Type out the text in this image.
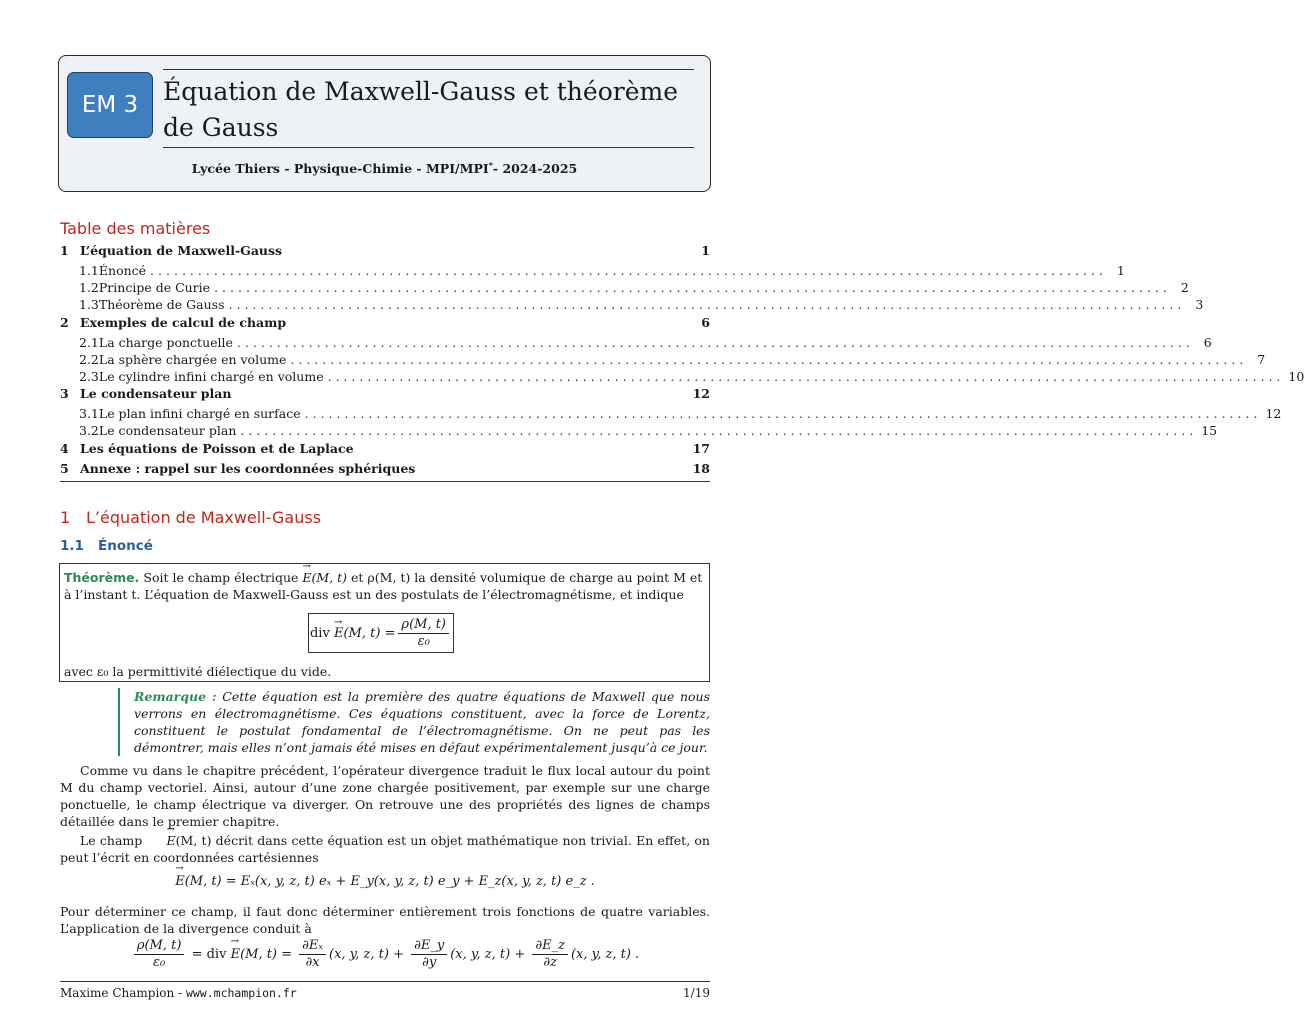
EM 3 Équation de Maxwell-Gauss et théorème de Gauss
Lycée Thiers - Physique-Chimie - MPI/MPI*- 2024-2025
Table des matières
1 L’équation de Maxwell-Gauss	1
1.1 Énoncé ........................................................................................................................ 1
1.2 Principe de Curie ........................................................................................................................ 2
1.3 Théorème de Gauss ........................................................................................................................ 3
2 Exemples de calcul de champ	6
2.1 La charge ponctuelle ........................................................................................................................ 6
2.2 La sphère chargée en volume ........................................................................................................................ 7
2.3 Le cylindre infini chargé en volume ........................................................................................................................ 10
3 Le condensateur plan	12
3.1 Le plan infini chargé en surface ........................................................................................................................ 12
3.2 Le condensateur plan ........................................................................................................................ 15
4 Les équations de Poisson et de Laplace	17
5 Annexe : rappel sur les coordonnées sphériques	18
1 L’équation de Maxwell-Gauss
1.1 Énoncé
Théorème. Soit le champ électrique E →(M, t) et ρ(M, t) la densité volumique de charge au point M et à l’instant t. L’équation de Maxwell-Gauss est un des postulats de l’électromagnétisme, et indique
div
E → (M, $t) = \frac{\rho(M, t)}{\text{ε₀}}$
avec ε₀ la permittivité diélectique du vide.
Remarque : Cette équation est la première des quatre équations de Maxwell que nous verrons en électromagnétisme. Ces équations constituent, avec la force de Lorentz, constituent le postulat fondamental de l’électromagnétisme. On ne peut pas les démontrer, mais elles n’ont jamais été mises en défaut expérimentalement jusqu’à ce jour.
Comme vu dans le chapitre précédent, l’opérateur divergence traduit le flux local autour du point M du champ vectoriel. Ainsi, autour d’une zone chargée positivement, par exemple sur une charge ponctuelle, le champ électrique va diverger. On retrouve une des propriétés des lignes de champs détaillée dans le premier chapitre.
Le champ E →(M, t) décrit dans cette équation est un objet mathématique non trivial. En effet, on peut l’écrit en coordonnées cartésiennes
E →(M, t) = Eₓ(x, y, z, t) eₓ + E_y(x, y, z, t) e_y + E_z(x, y, z, t) e_z .
Pour déterminer ce champ, il faut donc déterminer entièrement trois fonctions de quatre variables. L’application de la divergence conduit à
$\frac{\rho(M, t)}{\text{ε₀}}$ = div E →(M, $t) = \frac{\text{∂Eₓ}}{\partial x} (x$, y, z, $t) + \frac{\partial E\_y}{\partial y} (x$, y, z, $t) + \frac{\partial E\_z}{\partial z} (x$, y, z, t) .
Maxime Champion - www.mchampion.fr	1/19
